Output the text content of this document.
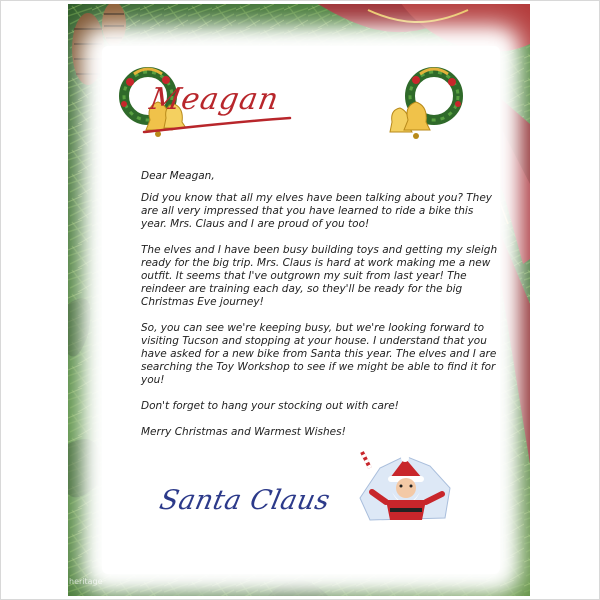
Meagan

Dear Meagan,

Did you know that all my elves have been talking about you? They are all very impressed that you have learned to ride a bike this year. Mrs. Claus and I are proud of you too!

The elves and I have been busy building toys and getting my sleigh ready for the big trip. Mrs. Claus is hard at work making me a new outfit. It seems that I've outgrown my suit from last year! The reindeer are training each day, so they'll be ready for the big Christmas Eve journey!

So, you can see we're keeping busy, but we're looking forward to visiting Tucson and stopping at your house. I understand that you have asked for a new bike from Santa this year. The elves and I are searching the Toy Workshop to see if we might be able to find it for you!

Don't forget to hang your stocking out with care!

Merry Christmas and Warmest Wishes!

Santa Claus
heritage
